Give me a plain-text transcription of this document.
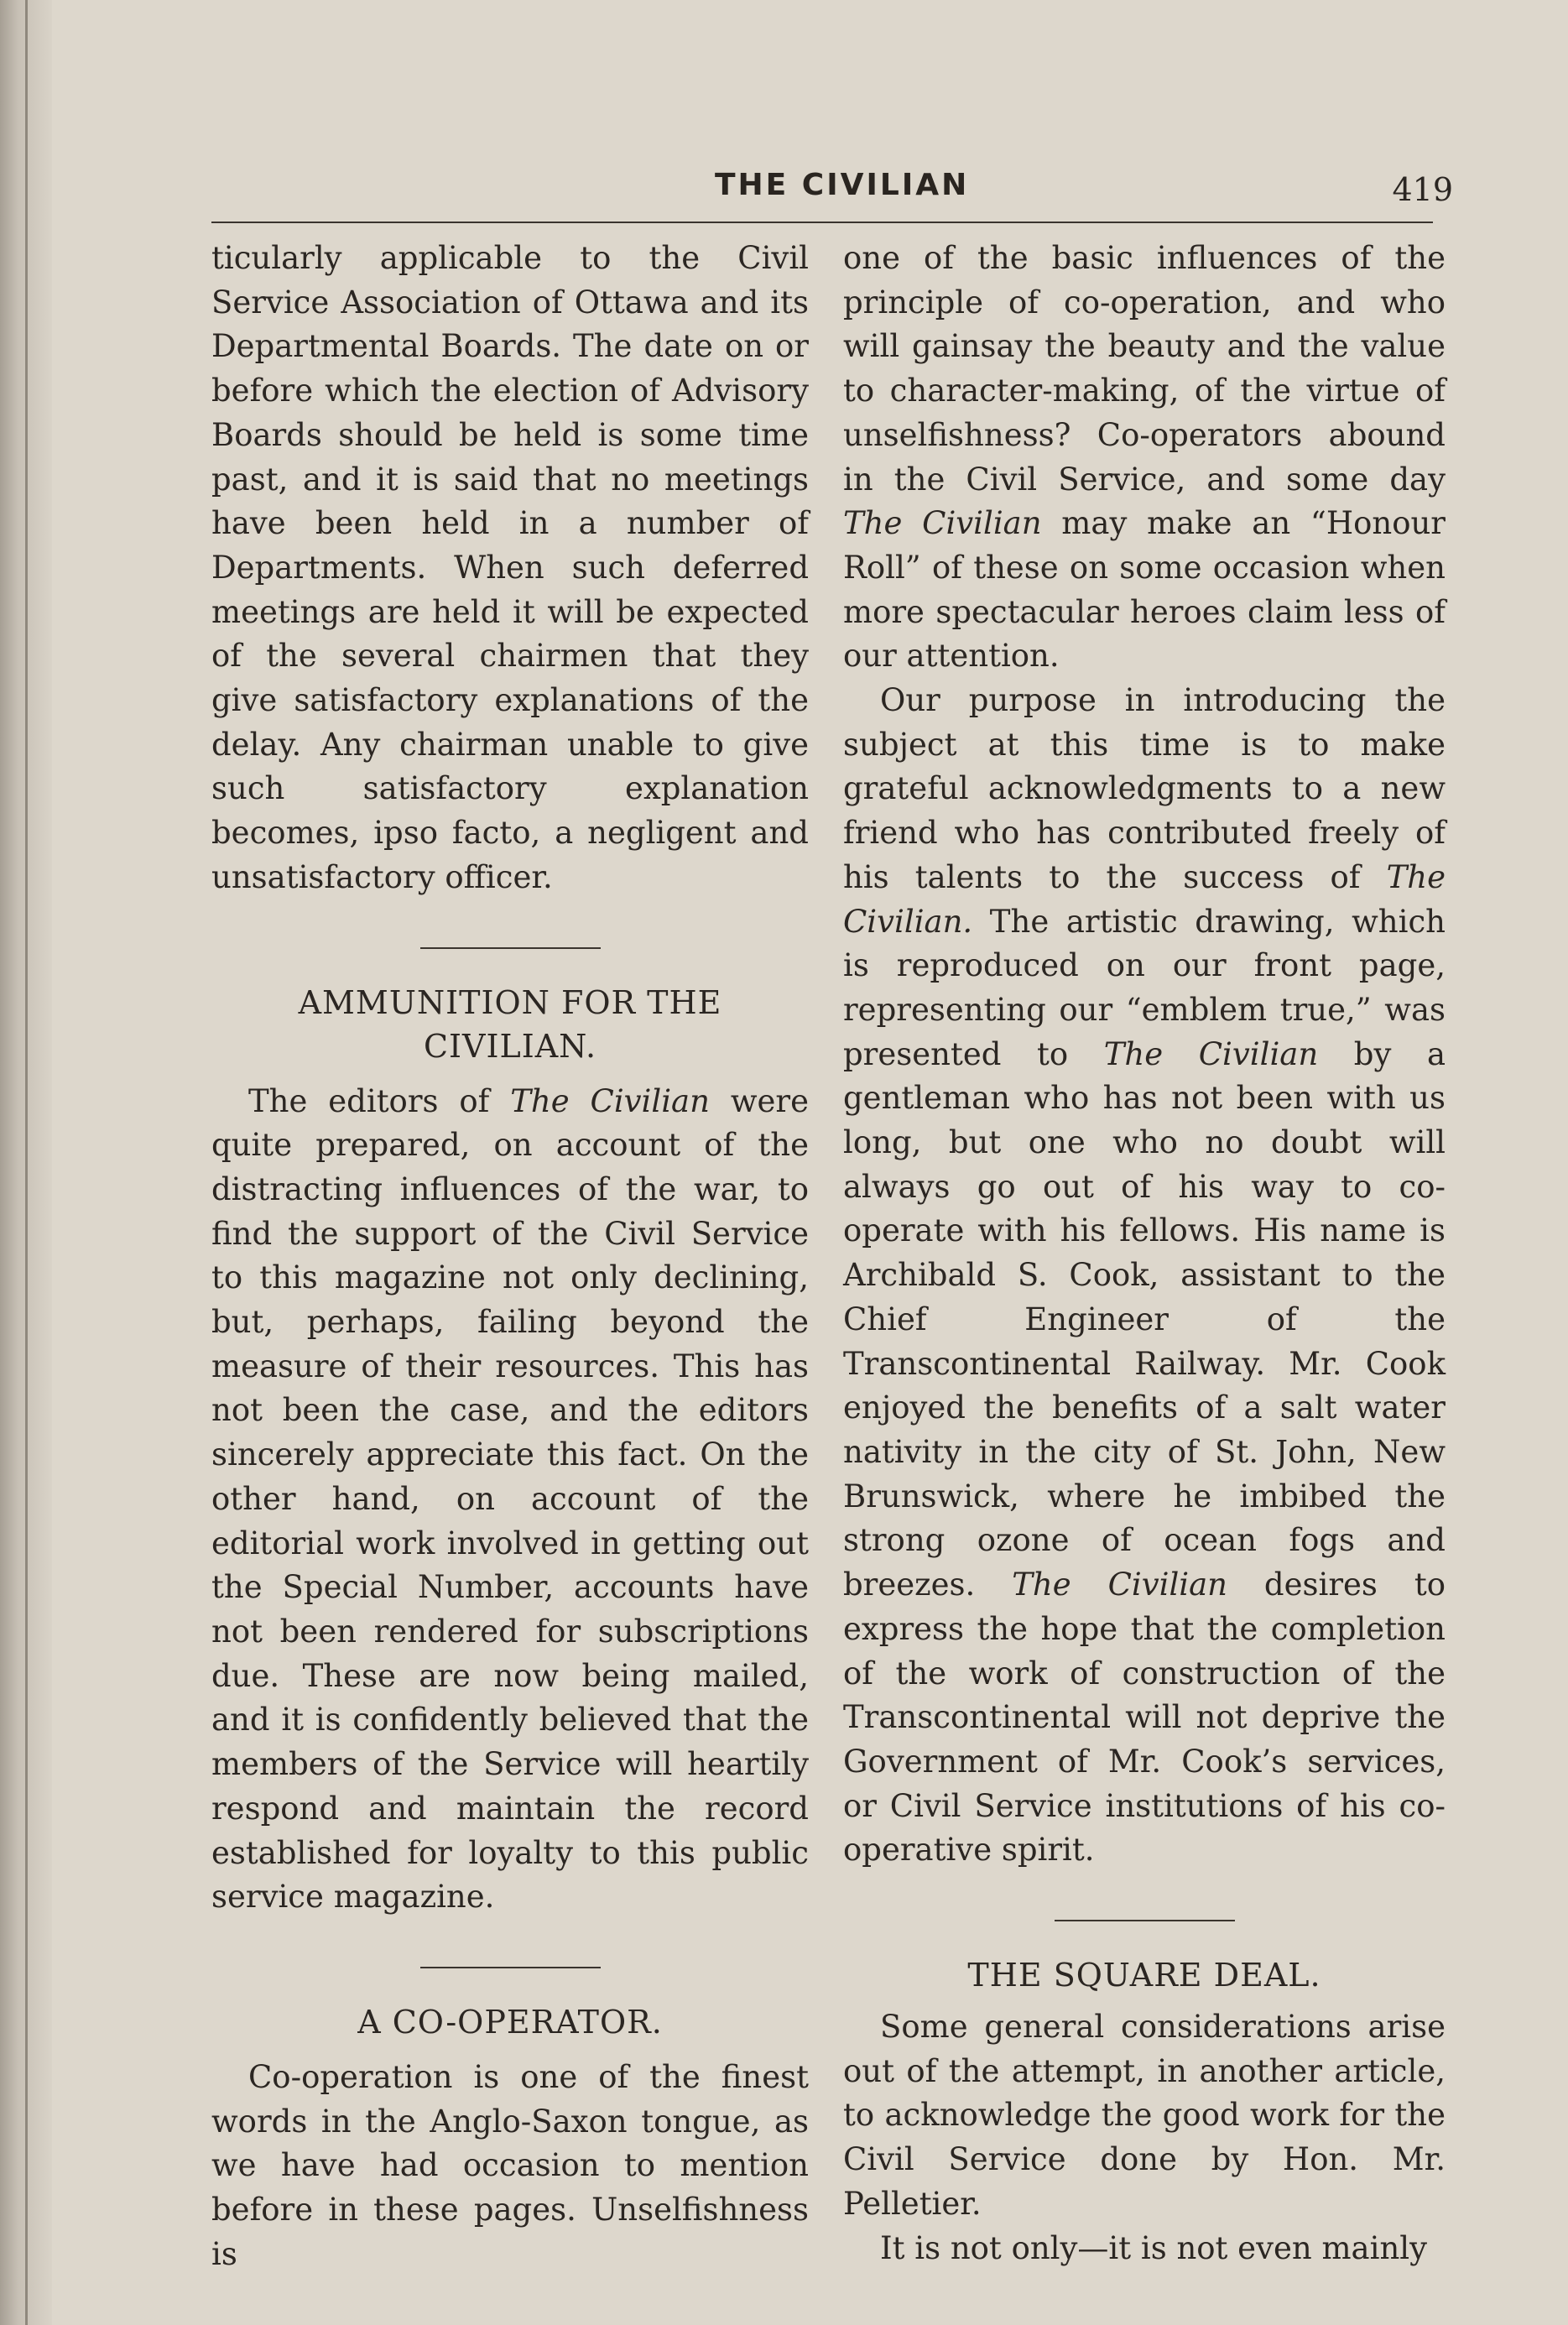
THE CIVILIAN	419

ticularly applicable to the Civil Service Association of Ottawa and its Departmental Boards. The date on or before which the election of Advisory Boards should be held is some time past, and it is said that no meetings have been held in a number of Departments. When such deferred meetings are held it will be expected of the several chairmen that they give satisfactory explanations of the delay. Any chairman unable to give such satisfactory explanation becomes, ipso facto, a negligent and unsatisfactory officer.

AMMUNITION FOR THE CIVILIAN.

The editors of The Civilian were quite prepared, on account of the distracting influences of the war, to find the support of the Civil Service to this magazine not only declining, but, perhaps, failing beyond the measure of their resources. This has not been the case, and the editors sincerely appreciate this fact. On the other hand, on account of the editorial work involved in getting out the Special Number, accounts have not been rendered for subscriptions due. These are now being mailed, and it is confidently believed that the members of the Service will heartily respond and maintain the record established for loyalty to this public service magazine.

A CO-OPERATOR.

Co-operation is one of the finest words in the Anglo-Saxon tongue, as we have had occasion to mention before in these pages. Unselfishness is

one of the basic influences of the principle of co-operation, and who will gainsay the beauty and the value to character-making, of the virtue of unselfishness? Co-operators abound in the Civil Service, and some day The Civilian may make an “Honour Roll” of these on some occasion when more spectacular heroes claim less of our attention.

Our purpose in introducing the subject at this time is to make grateful acknowledgments to a new friend who has contributed freely of his talents to the success of The Civilian. The artistic drawing, which is reproduced on our front page, representing our “emblem true,” was presented to The Civilian by a gentleman who has not been with us long, but one who no doubt will always go out of his way to co-operate with his fellows. His name is Archibald S. Cook, assistant to the Chief Engineer of the Transcontinental Railway. Mr. Cook enjoyed the benefits of a salt water nativity in the city of St. John, New Brunswick, where he imbibed the strong ozone of ocean fogs and breezes. The Civilian desires to express the hope that the completion of the work of construction of the Transcontinental will not deprive the Government of Mr. Cook’s services, or Civil Service institutions of his co-operative spirit.

THE SQUARE DEAL.

Some general considerations arise out of the attempt, in another article, to acknowledge the good work for the Civil Service done by Hon. Mr. Pelletier.

It is not only—it is not even mainly
